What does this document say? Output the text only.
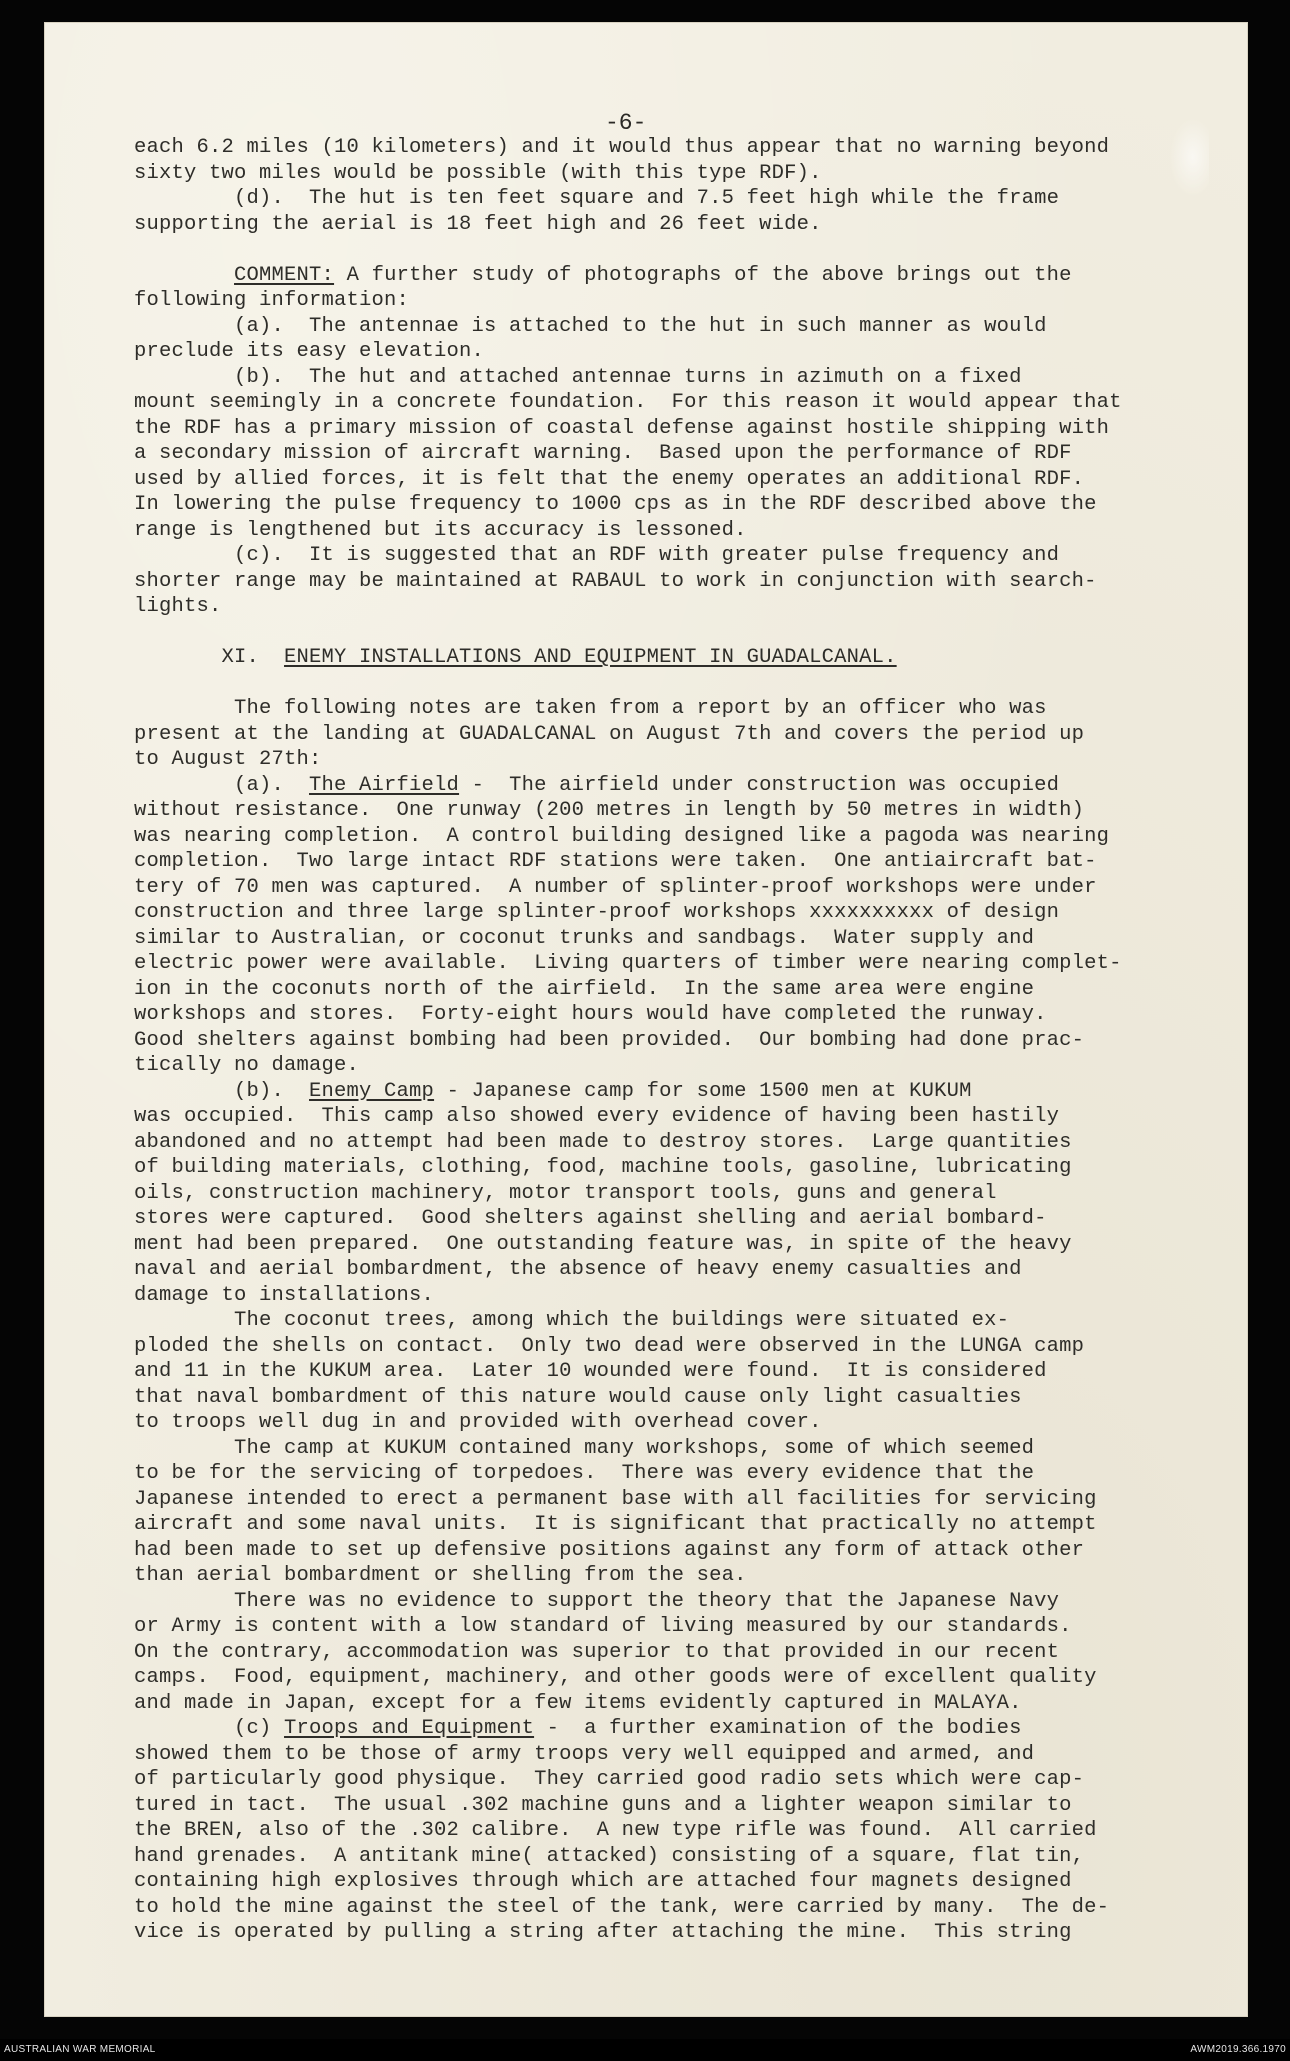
-6-

each 6.2 miles (10 kilometers) and it would thus appear that no warning beyond
sixty two miles would be possible (with this type RDF).
(d).  The hut is ten feet square and 7.5 feet high while the frame
supporting the aerial is 18 feet high and 26 feet wide.
COMMENT: A further study of photographs of the above brings out the
following information:
(a).  The antennae is attached to the hut in such manner as would
preclude its easy elevation.
(b).  The hut and attached antennae turns in azimuth on a fixed
mount seemingly in a concrete foundation.  For this reason it would appear that
the RDF has a primary mission of coastal defense against hostile shipping with
a secondary mission of aircraft warning.  Based upon the performance of RDF
used by allied forces, it is felt that the enemy operates an additional RDF.
In lowering the pulse frequency to 1000 cps as in the RDF described above the
range is lengthened but its accuracy is lessoned.
(c).  It is suggested that an RDF with greater pulse frequency and
shorter range may be maintained at RABAUL to work in conjunction with search-
lights.
XI.  ENEMY INSTALLATIONS AND EQUIPMENT IN GUADALCANAL.
The following notes are taken from a report by an officer who was
present at the landing at GUADALCANAL on August 7th and covers the period up
to August 27th:
(a).  The Airfield -  The airfield under construction was occupied
without resistance.  One runway (200 metres in length by 50 metres in width)
was nearing completion.  A control building designed like a pagoda was nearing
completion.  Two large intact RDF stations were taken.  One antiaircraft bat-
tery of 70 men was captured.  A number of splinter-proof workshops were under
construction and three large splinter-proof workshops xxxxxxxxxx of design
similar to Australian, or coconut trunks and sandbags.  Water supply and
electric power were available.  Living quarters of timber were nearing complet-
ion in the coconuts north of the airfield.  In the same area were engine
workshops and stores.  Forty-eight hours would have completed the runway.
Good shelters against bombing had been provided.  Our bombing had done prac-
tically no damage.
(b).  Enemy Camp - Japanese camp for some 1500 men at KUKUM
was occupied.  This camp also showed every evidence of having been hastily
abandoned and no attempt had been made to destroy stores.  Large quantities
of building materials, clothing, food, machine tools, gasoline, lubricating
oils, construction machinery, motor transport tools, guns and general
stores were captured.  Good shelters against shelling and aerial bombard-
ment had been prepared.  One outstanding feature was, in spite of the heavy
naval and aerial bombardment, the absence of heavy enemy casualties and
damage to installations.
The coconut trees, among which the buildings were situated ex-
ploded the shells on contact.  Only two dead were observed in the LUNGA camp
and 11 in the KUKUM area.  Later 10 wounded were found.  It is considered
that naval bombardment of this nature would cause only light casualties
to troops well dug in and provided with overhead cover.
The camp at KUKUM contained many workshops, some of which seemed
to be for the servicing of torpedoes.  There was every evidence that the
Japanese intended to erect a permanent base with all facilities for servicing
aircraft and some naval units.  It is significant that practically no attempt
had been made to set up defensive positions against any form of attack other
than aerial bombardment or shelling from the sea.
There was no evidence to support the theory that the Japanese Navy
or Army is content with a low standard of living measured by our standards.
On the contrary, accommodation was superior to that provided in our recent
camps.  Food, equipment, machinery, and other goods were of excellent quality
and made in Japan, except for a few items evidently captured in MALAYA.
(c) Troops and Equipment -  a further examination of the bodies
showed them to be those of army troops very well equipped and armed, and
of particularly good physique.  They carried good radio sets which were cap-
tured in tact.  The usual .302 machine guns and a lighter weapon similar to
the BREN, also of the .302 calibre.  A new type rifle was found.  All carried
hand grenades.  A antitank mine( attacked) consisting of a square, flat tin,
containing high explosives through which are attached four magnets designed
to hold the mine against the steel of the tank, were carried by many.  The de-
vice is operated by pulling a string after attaching the mine.  This string
AUSTRALIAN WAR MEMORIAL	AWM2019.366.1970
